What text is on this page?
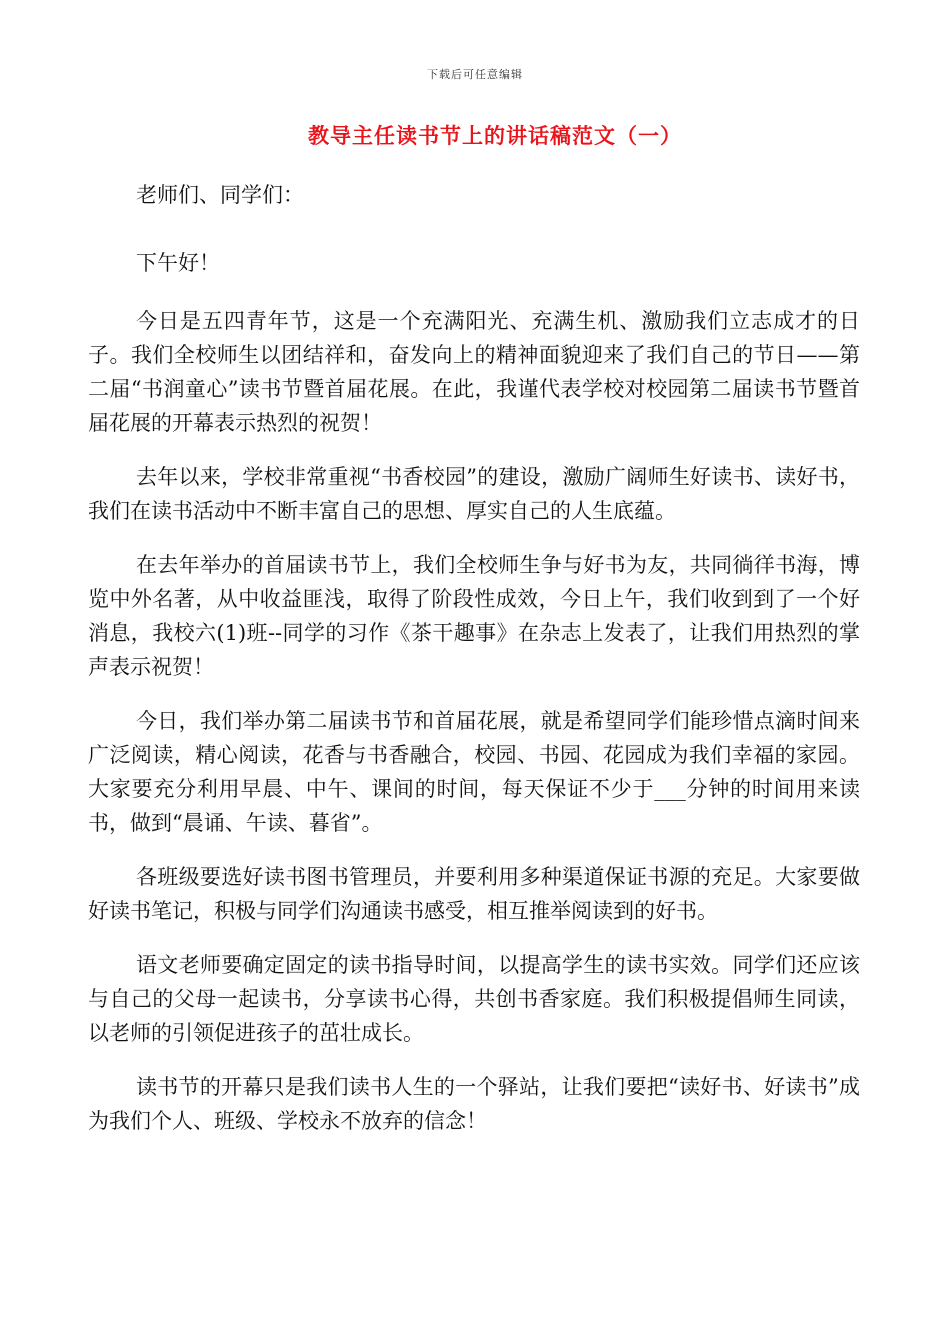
下载后可任意编辑
教导主任读书节上的讲话稿范文（一）

老师们、同学们：

下午好！

今日是五四青年节，这是一个充满阳光、充满生机、激励我们立志成才的日子。我们全校师生以团结祥和，奋发向上的精神面貌迎来了我们自己的节日——第二届“书润童心”读书节暨首届花展。在此，我谨代表学校对校园第二届读书节暨首届花展的开幕表示热烈的祝贺！

去年以来，学校非常重视“书香校园”的建设，激励广阔师生好读书、读好书，我们在读书活动中不断丰富自己的思想、厚实自己的人生底蕴。

在去年举办的首届读书节上，我们全校师生争与好书为友，共同徜徉书海，博览中外名著，从中收益匪浅，取得了阶段性成效，今日上午，我们收到到了一个好消息，我校六(1)班--同学的习作《茶干趣事》在杂志上发表了，让我们用热烈的掌声表示祝贺！

今日，我们举办第二届读书节和首届花展，就是希望同学们能珍惜点滴时间来广泛阅读，精心阅读，花香与书香融合，校园、书园、花园成为我们幸福的家园。大家要充分利用早晨、中午、课间的时间，每天保证不少于___分钟的时间用来读书，做到“晨诵、午读、暮省”。

各班级要选好读书图书管理员，并要利用多种渠道保证书源的充足。大家要做好读书笔记，积极与同学们沟通读书感受，相互推举阅读到的好书。

语文老师要确定固定的读书指导时间，以提高学生的读书实效。同学们还应该与自己的父母一起读书，分享读书心得，共创书香家庭。我们积极提倡师生同读，以老师的引领促进孩子的茁壮成长。

读书节的开幕只是我们读书人生的一个驿站，让我们要把“读好书、好读书”成为我们个人、班级、学校永不放弃的信念！
